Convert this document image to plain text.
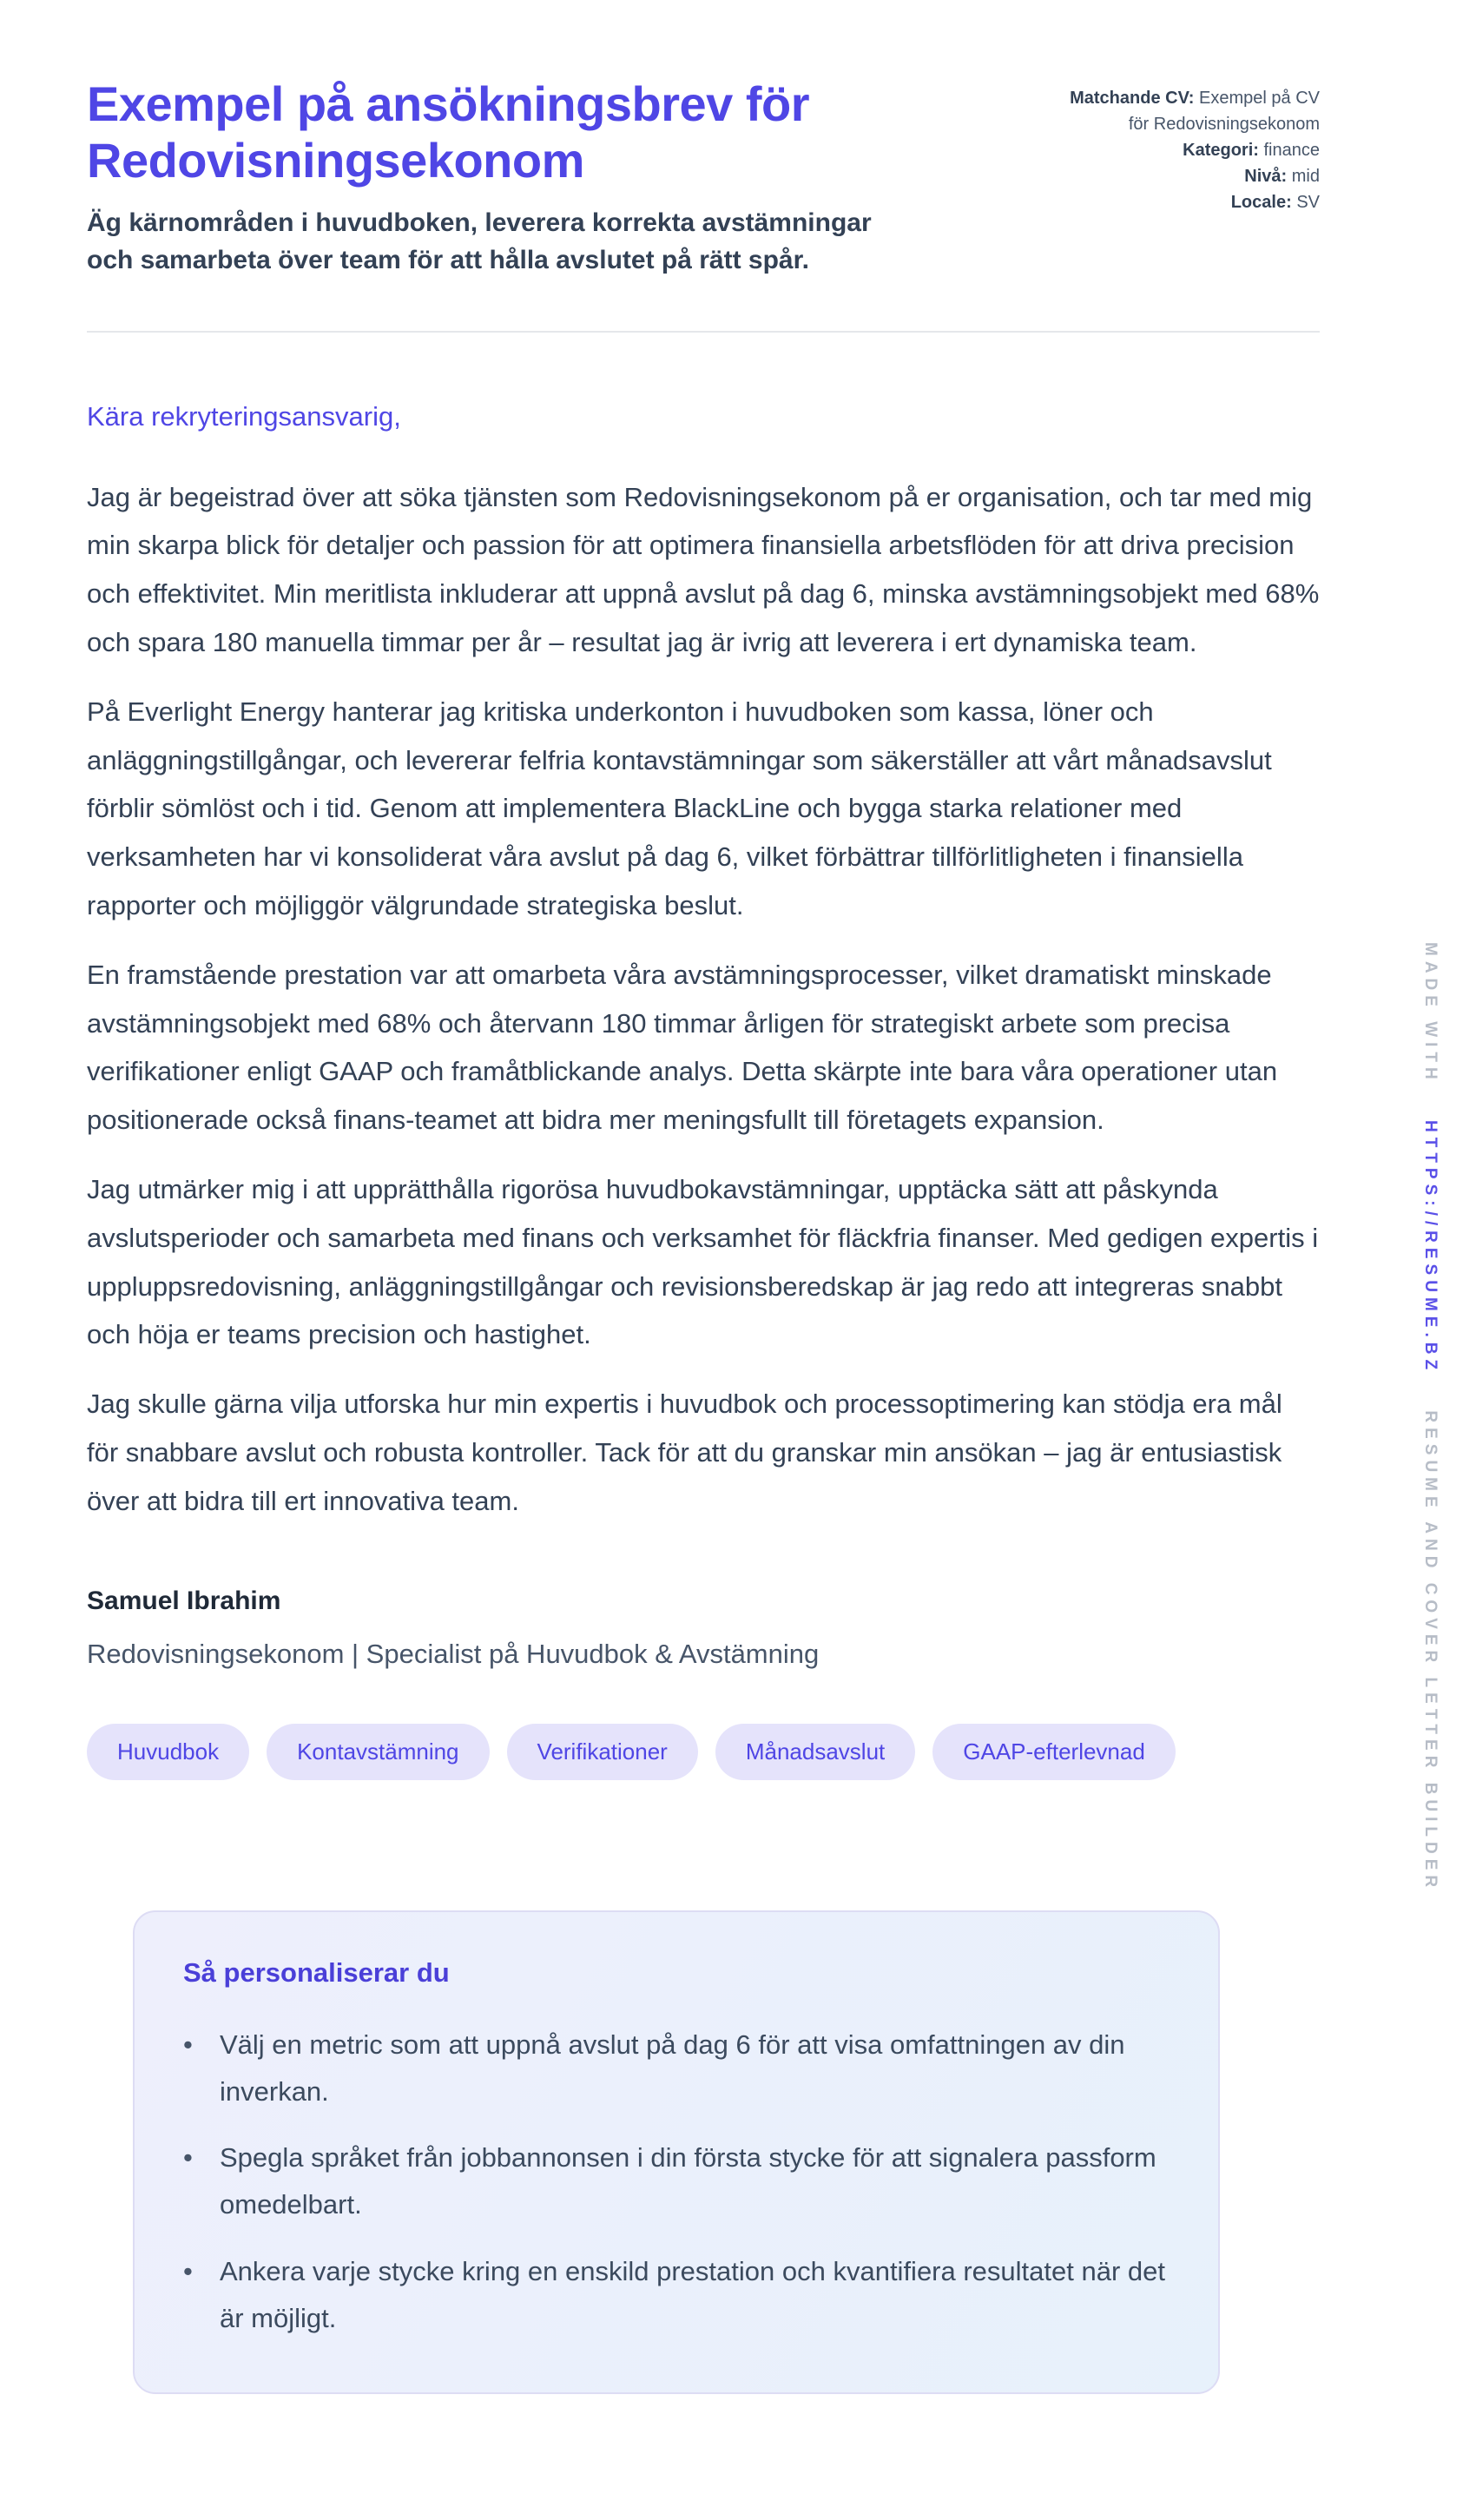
Exempel på ansökningsbrev för Redovisningsekonom

Äg kärnområden i huvudboken, leverera korrekta avstämningar och samarbeta över team för att hålla avslutet på rätt spår.

Matchande CV: Exempel på CV för Redovisningsekonom
Kategori: finance
Nivå: mid
Locale: SV

Kära rekryteringsansvarig,

Jag är begeistrad över att söka tjänsten som Redovisningsekonom på er organisation, och tar med mig min skarpa blick för detaljer och passion för att optimera finansiella arbetsflöden för att driva precision och effektivitet. Min meritlista inkluderar att uppnå avslut på dag 6, minska avstämningsobjekt med 68% och spara 180 manuella timmar per år – resultat jag är ivrig att leverera i ert dynamiska team.

På Everlight Energy hanterar jag kritiska underkonton i huvudboken som kassa, löner och anläggningstillgångar, och levererar felfria kontavstämningar som säkerställer att vårt månadsavslut förblir sömlöst och i tid. Genom att implementera BlackLine och bygga starka relationer med verksamheten har vi konsoliderat våra avslut på dag 6, vilket förbättrar tillförlitligheten i finansiella rapporter och möjliggör välgrundade strategiska beslut.

En framstående prestation var att omarbeta våra avstämningsprocesser, vilket dramatiskt minskade avstämningsobjekt med 68% och återvann 180 timmar årligen för strategiskt arbete som precisa verifikationer enligt GAAP och framåtblickande analys. Detta skärpte inte bara våra operationer utan positionerade också finans-teamet att bidra mer meningsfullt till företagets expansion.

Jag utmärker mig i att upprätthålla rigorösa huvudbokavstämningar, upptäcka sätt att påskynda avslutsperioder och samarbeta med finans och verksamhet för fläckfria finanser. Med gedigen expertis i uppluppsredovisning, anläggningstillgångar och revisionsberedskap är jag redo att integreras snabbt och höja er teams precision och hastighet.

Jag skulle gärna vilja utforska hur min expertis i huvudbok och processoptimering kan stödja era mål för snabbare avslut och robusta kontroller. Tack för att du granskar min ansökan – jag är entusiastisk över att bidra till ert innovativa team.

Samuel Ibrahim

Redovisningsekonom | Specialist på Huvudbok & Avstämning

Huvudbok	Kontavstämning	Verifikationer	Månadsavslut	GAAP-efterlevnad
Så personaliserar du
•	Välj en metric som att uppnå avslut på dag 6 för att visa omfattningen av din inverkan.
•	Spegla språket från jobbannonsen i din första stycke för att signalera passform omedelbart.
•	Ankera varje stycke kring en enskild prestation och kvantifiera resultatet när det är möjligt.
MADE WITH HTTPS://RESUME.BZ RESUME AND COVER LETTER BUILDER
